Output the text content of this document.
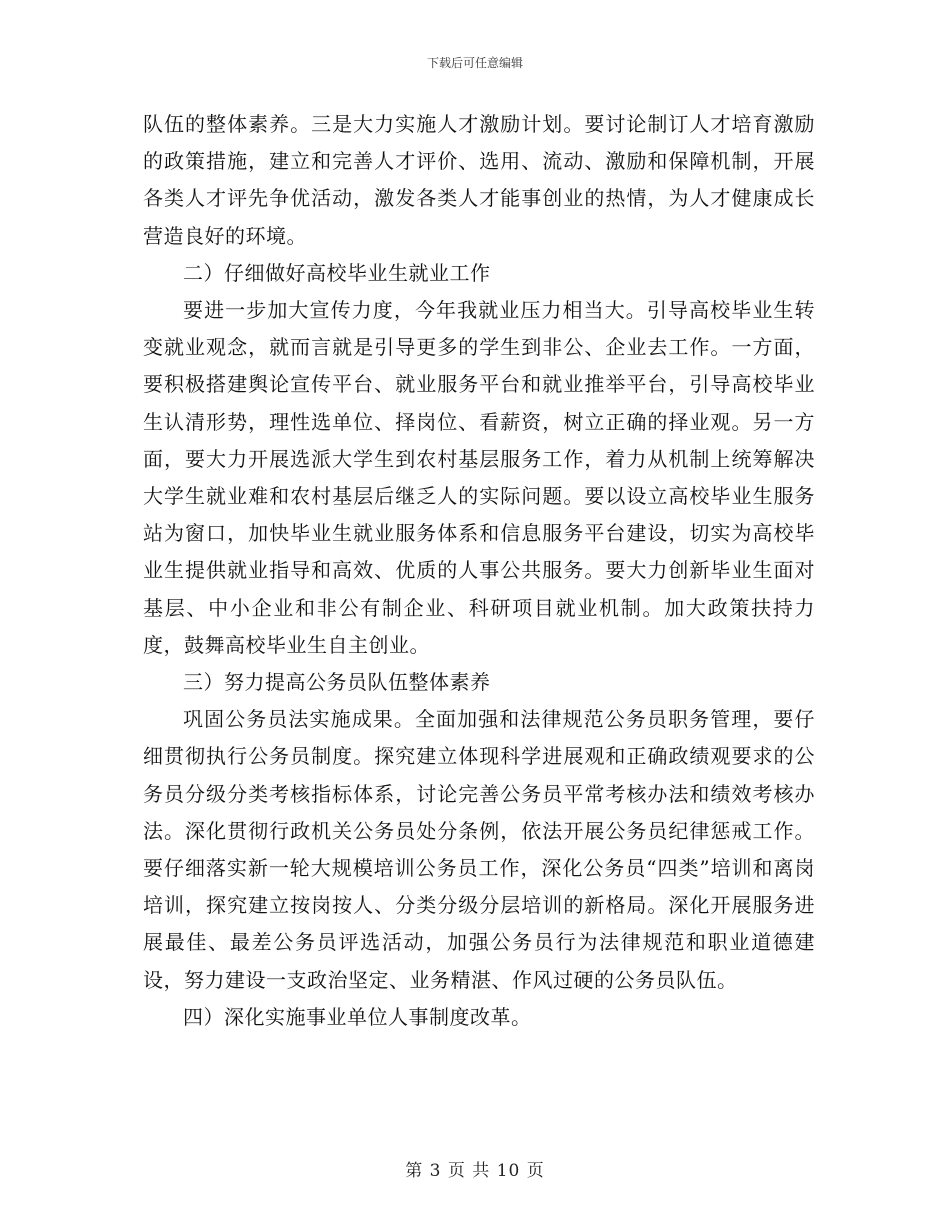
下载后可任意编辑

队伍的整体素养。三是大力实施人才激励计划。要讨论制订人才培育激励的政策措施，建立和完善人才评价、选用、流动、激励和保障机制，开展各类人才评先争优活动，激发各类人才能事创业的热情，为人才健康成长营造良好的环境。

二）仔细做好高校毕业生就业工作

要进一步加大宣传力度，今年我就业压力相当大。引导高校毕业生转变就业观念，就而言就是引导更多的学生到非公、企业去工作。一方面，要积极搭建舆论宣传平台、就业服务平台和就业推举平台，引导高校毕业生认清形势，理性选单位、择岗位、看薪资，树立正确的择业观。另一方面，要大力开展选派大学生到农村基层服务工作，着力从机制上统筹解决大学生就业难和农村基层后继乏人的实际问题。要以设立高校毕业生服务站为窗口，加快毕业生就业服务体系和信息服务平台建设，切实为高校毕业生提供就业指导和高效、优质的人事公共服务。要大力创新毕业生面对基层、中小企业和非公有制企业、科研项目就业机制。加大政策扶持力度，鼓舞高校毕业生自主创业。

三）努力提高公务员队伍整体素养

巩固公务员法实施成果。全面加强和法律规范公务员职务管理，要仔细贯彻执行公务员制度。探究建立体现科学进展观和正确政绩观要求的公务员分级分类考核指标体系，讨论完善公务员平常考核办法和绩效考核办法。深化贯彻行政机关公务员处分条例，依法开展公务员纪律惩戒工作。要仔细落实新一轮大规模培训公务员工作，深化公务员“四类”培训和离岗培训，探究建立按岗按人、分类分级分层培训的新格局。深化开展服务进展最佳、最差公务员评选活动，加强公务员行为法律规范和职业道德建设，努力建设一支政治坚定、业务精湛、作风过硬的公务员队伍。

四）深化实施事业单位人事制度改革。

第 3 页 共 10 页
